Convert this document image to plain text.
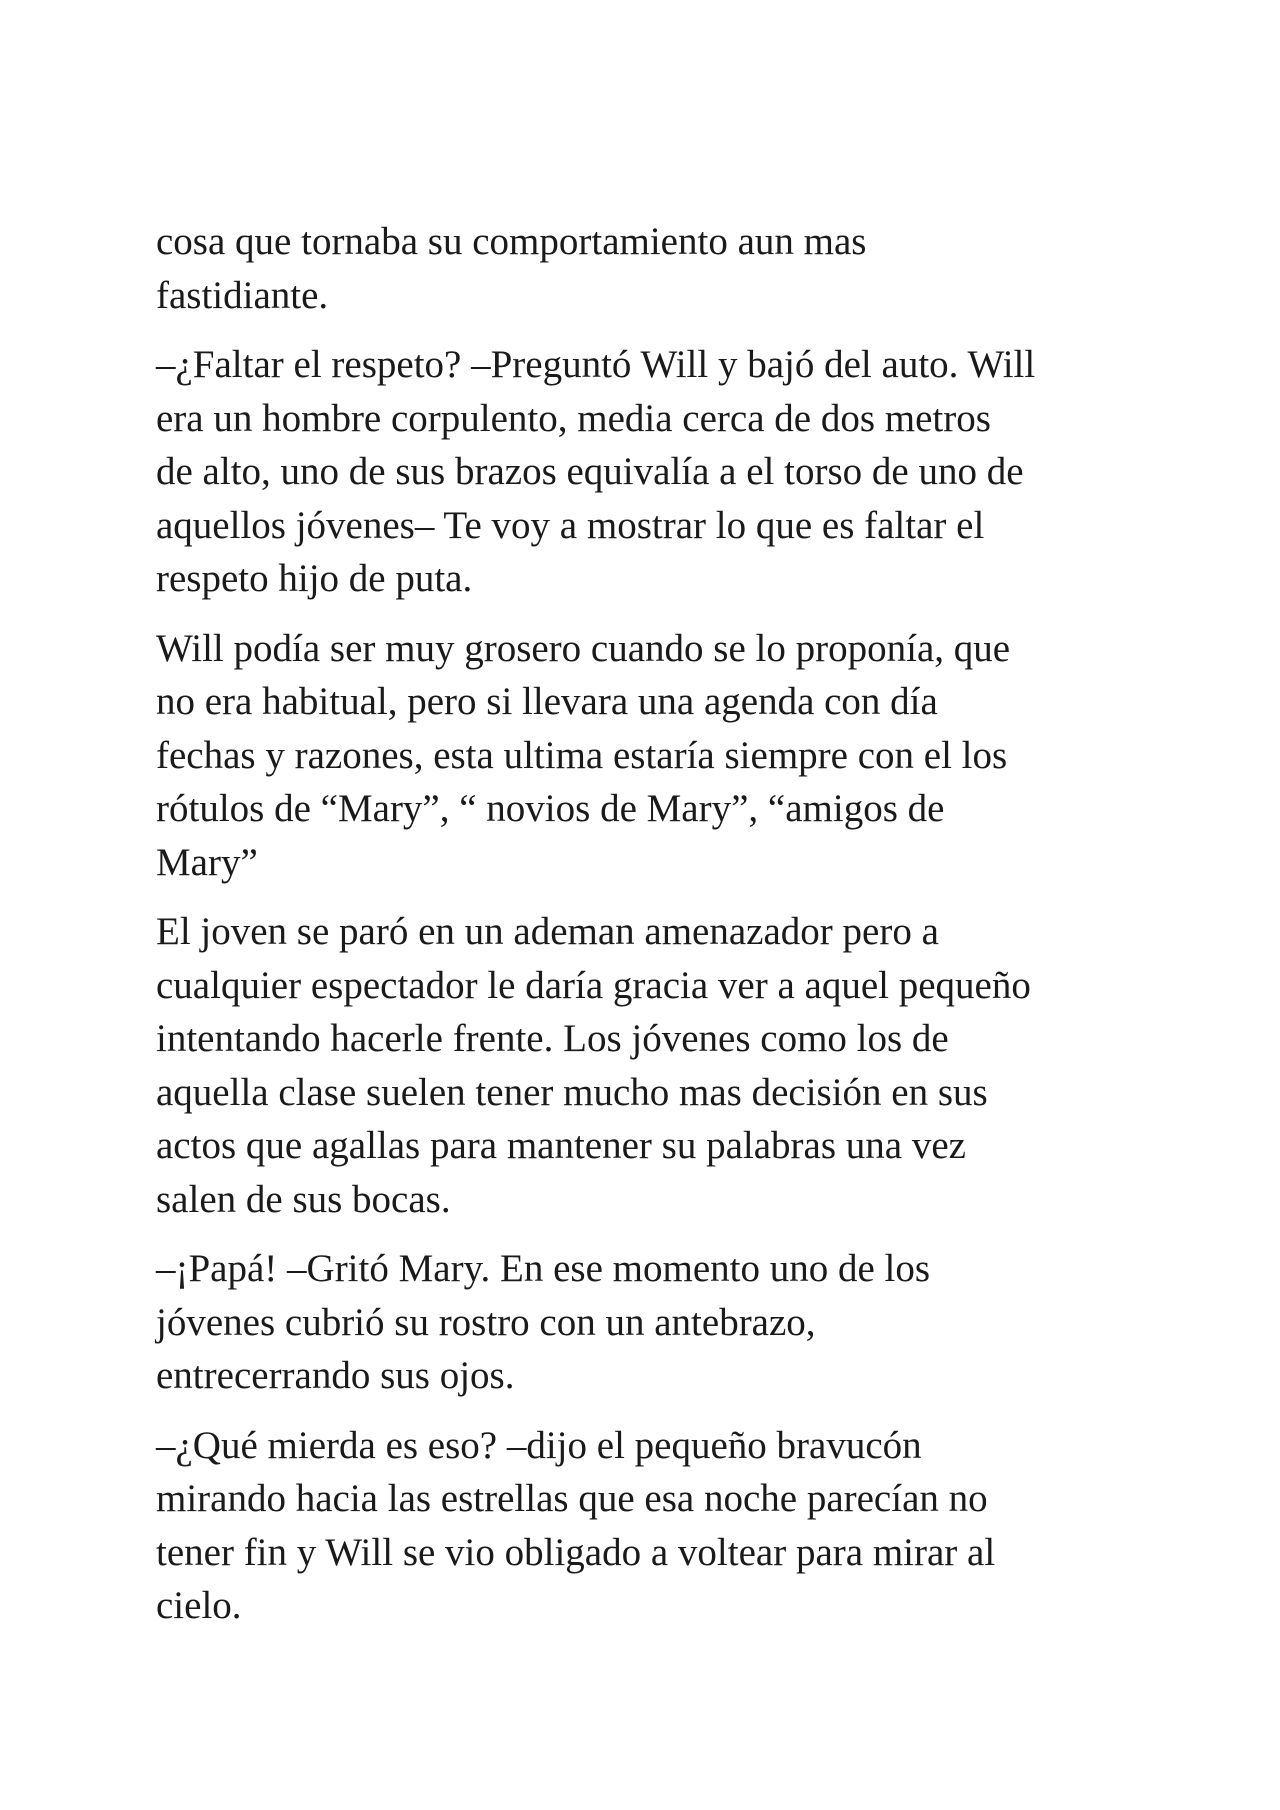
cosa que tornaba su comportamiento aun mas
fastidiante.

–¿Faltar el respeto? –Preguntó Will y bajó del auto. Will
era un hombre corpulento, media cerca de dos metros
de alto, uno de sus brazos equivalía a el torso de uno de
aquellos jóvenes– Te voy a mostrar lo que es faltar el
respeto hijo de puta.

Will podía ser muy grosero cuando se lo proponía, que
no era habitual, pero si llevara una agenda con día
fechas y razones, esta ultima estaría siempre con el los
rótulos de “Mary”, “ novios de Mary”, “amigos de
Mary”

El joven se paró en un ademan amenazador pero a
cualquier espectador le daría gracia ver a aquel pequeño
intentando hacerle frente. Los jóvenes como los de
aquella clase suelen tener mucho mas decisión en sus
actos que agallas para mantener su palabras una vez
salen de sus bocas.

–¡Papá! –Gritó Mary. En ese momento uno de los
jóvenes cubrió su rostro con un antebrazo,
entrecerrando sus ojos.

–¿Qué mierda es eso? –dijo el pequeño bravucón
mirando hacia las estrellas que esa noche parecían no
tener fin y Will se vio obligado a voltear para mirar al
cielo.
